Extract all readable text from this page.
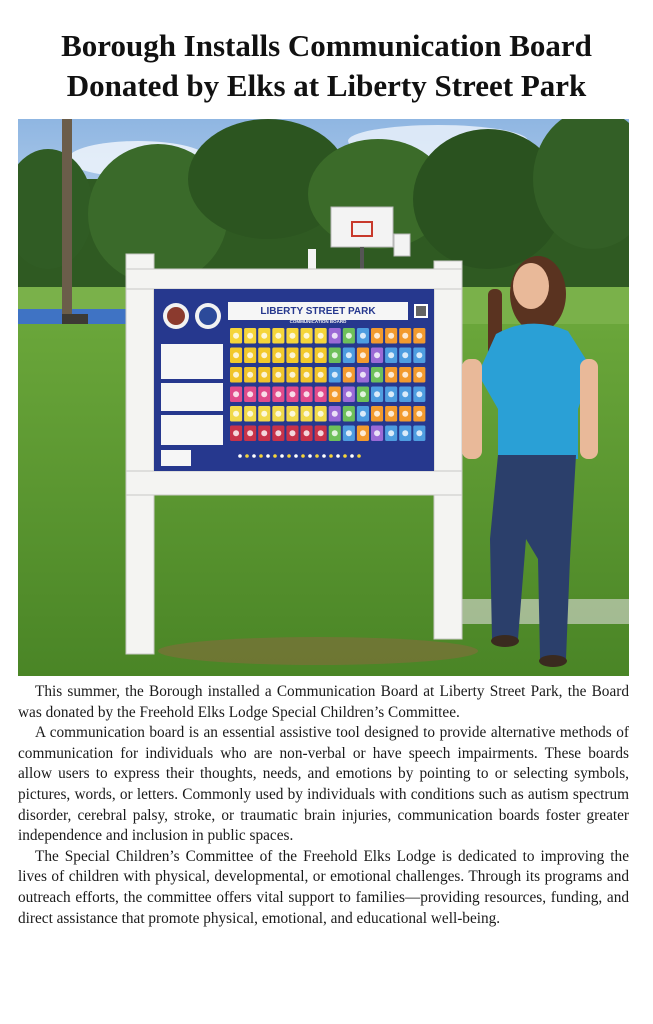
Borough Installs Communication Board
Donated by Elks at Liberty Street Park
LIBERTY STREET PARK
COMMUNICATION BOARD

This summer, the Borough installed a Communication Board at Liberty Street Park, the Board was donated by the Freehold Elks Lodge Special Children’s Committee.

A communication board is an essential assistive tool designed to provide alternative methods of communication for individuals who are non-verbal or have speech impairments. These boards allow users to express their thoughts, needs, and emotions by pointing to or selecting symbols, pictures, words, or letters. Commonly used by individuals with conditions such as autism spectrum disorder, cerebral palsy, stroke, or traumatic brain injuries, communication boards foster greater independence and inclusion in public spaces.

The Special Children’s Committee of the Freehold Elks Lodge is dedicated to improving the lives of children with physical, developmental, or emotional challenges. Through its programs and outreach efforts, the committee offers vital support to families—providing resources, funding, and direct assistance that promote physical, emotional, and educational well-being.
